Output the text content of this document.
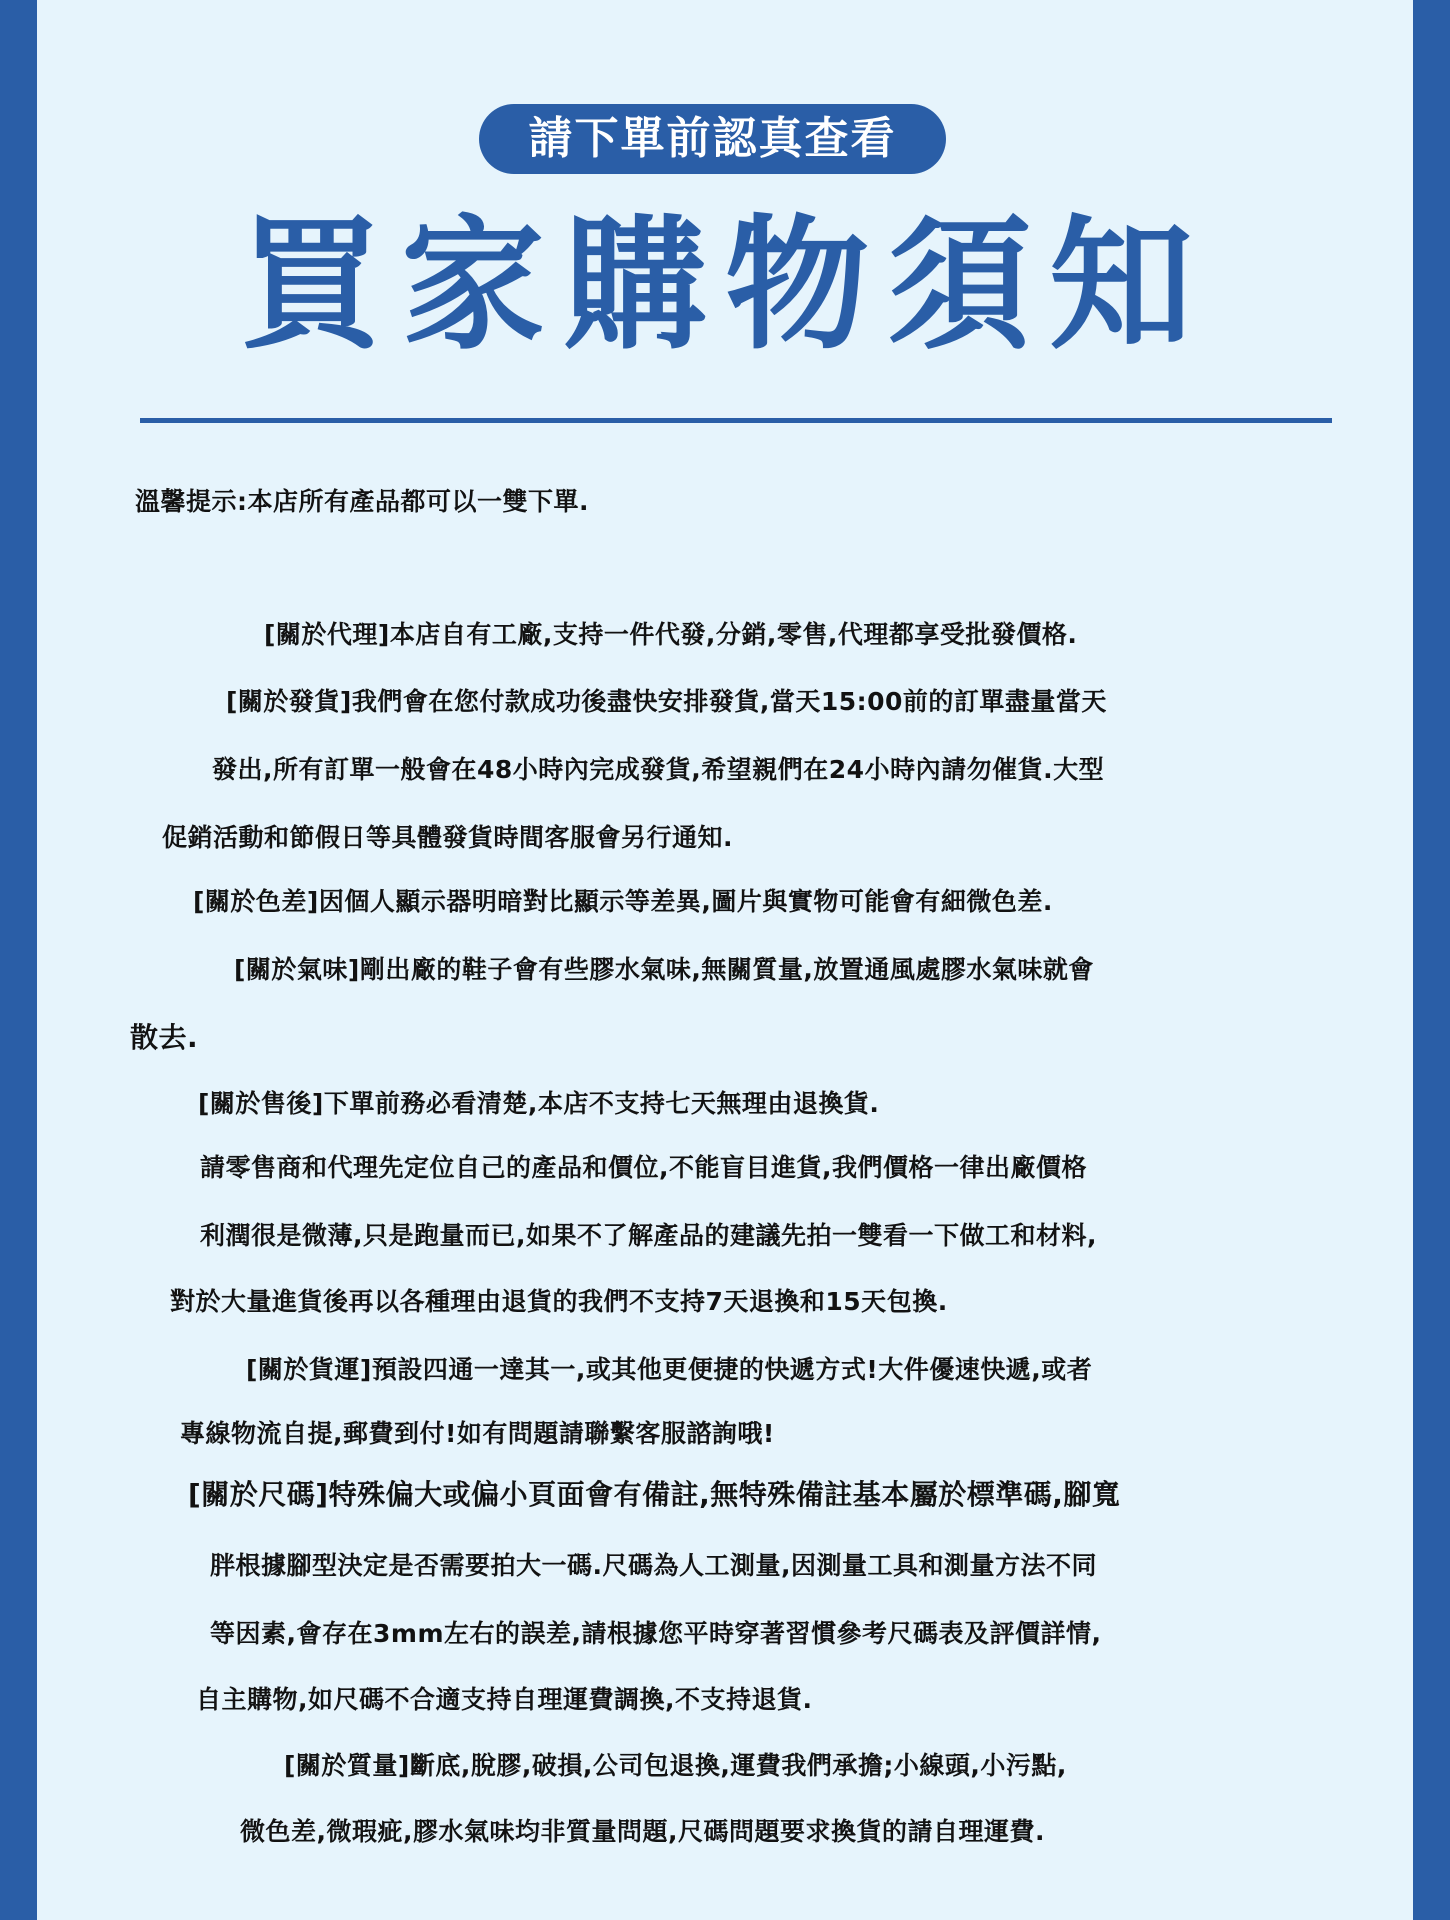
請下單前認真查看
買家購物須知
溫馨提示:本店所有產品都可以一雙下單.
[關於代理]本店自有工廠,支持一件代發,分銷,零售,代理都享受批發價格.
[關於發貨]我們會在您付款成功後盡快安排發貨,當天15:00前的訂單盡量當天
發出,所有訂單一般會在48小時內完成發貨,希望親們在24小時內請勿催貨.大型
促銷活動和節假日等具體發貨時間客服會另行通知.
[關於色差]因個人顯示器明暗對比顯示等差異,圖片與實物可能會有細微色差.
[關於氣味]剛出廠的鞋子會有些膠水氣味,無關質量,放置通風處膠水氣味就會
散去.
[關於售後]下單前務必看清楚,本店不支持七天無理由退換貨.
請零售商和代理先定位自己的產品和價位,不能盲目進貨,我們價格一律出廠價格
利潤很是微薄,只是跑量而已,如果不了解產品的建議先拍一雙看一下做工和材料,
對於大量進貨後再以各種理由退貨的我們不支持7天退換和15天包換.
[關於貨運]預設四通一達其一,或其他更便捷的快遞方式!大件優速快遞,或者
專線物流自提,郵費到付!如有問題請聯繫客服諮詢哦!
[關於尺碼]特殊偏大或偏小頁面會有備註,無特殊備註基本屬於標準碼,腳寬
胖根據腳型決定是否需要拍大一碼.尺碼為人工測量,因測量工具和測量方法不同
等因素,會存在3mm左右的誤差,請根據您平時穿著習慣參考尺碼表及評價詳情,
自主購物,如尺碼不合適支持自理運費調換,不支持退貨.
[關於質量]斷底,脫膠,破損,公司包退換,運費我們承擔;小線頭,小污點,
微色差,微瑕疵,膠水氣味均非質量問題,尺碼問題要求換貨的請自理運費.
